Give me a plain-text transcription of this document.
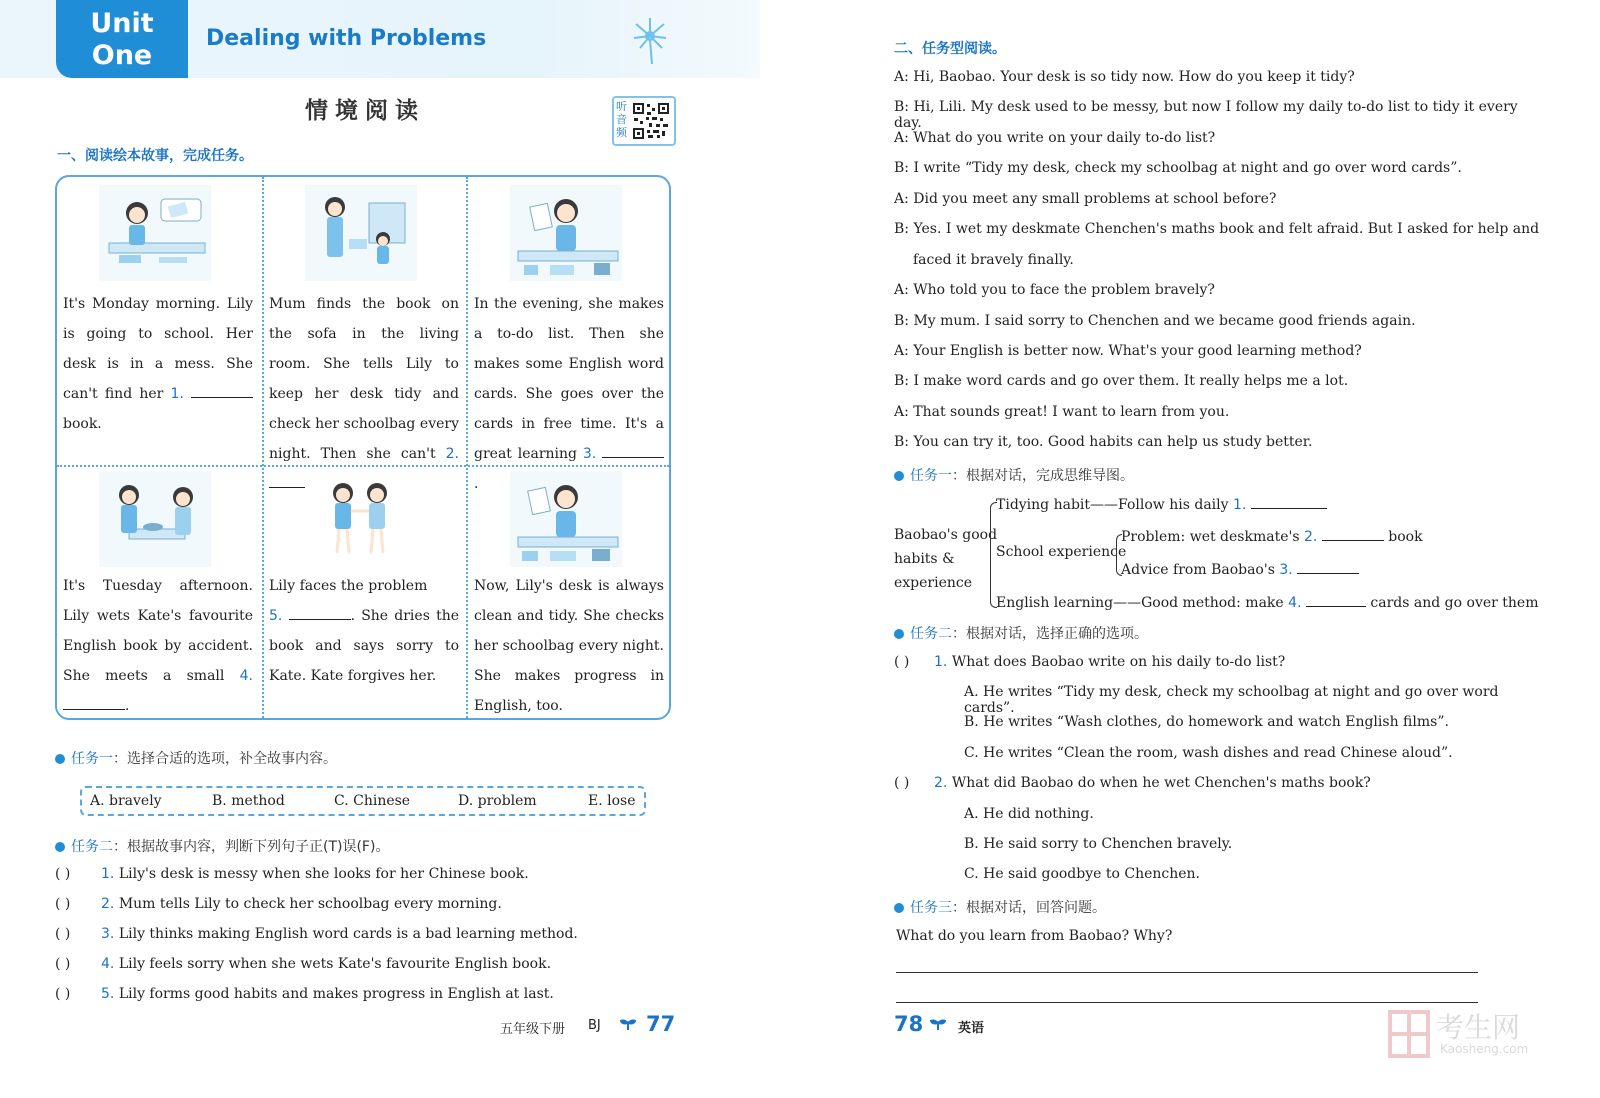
Unit
One
Dealing with Problems
情境阅读	听音频
一、阅读绘本故事，完成任务。
It's Monday morning. Lily is going to school. Her desk is in a mess. She can't find her 1.  book.
Mum finds the book on the sofa in the living room. She tells Lily to keep her desk tidy and check her schoolbag every night. Then she can't 2.
In the evening, she makes a to-do list. Then she makes some English word cards. She goes over the cards in free time. It's a great learning 3. .
It's Tuesday afternoon. Lily wets Kate's favourite English book by accident. She meets a small 4. .
Lily faces the problem
5.	. She dries the book and says sorry to Kate. Kate forgives her.
Now, Lily's desk is always clean and tidy. She checks her schoolbag every night. She makes progress in English, too.
任务一：选择合适的选项，补全故事内容。
A. bravely	B. method	C. Chinese	D. problem	E. lose
任务二：根据故事内容，判断下列句子正(T)误(F)。
( ) 1. Lily's desk is messy when she looks for her Chinese book.
( ) 2. Mum tells Lily to check her schoolbag every morning.
( ) 3. Lily thinks making English word cards is a bad learning method.
( ) 4. Lily feels sorry when she wets Kate's favourite English book.
( ) 5. Lily forms good habits and makes progress in English at last.
五年级下册 BJ 77
二、任务型阅读。
A: Hi, Baobao. Your desk is so tidy now. How do you keep it tidy?
B: Hi, Lili. My desk used to be messy, but now I follow my daily to-do list to tidy it every day.
A: What do you write on your daily to-do list?
B: I write “Tidy my desk, check my schoolbag at night and go over word cards”.
A: Did you meet any small problems at school before?
B: Yes. I wet my deskmate Chenchen's maths book and felt afraid. But I asked for help and
faced it bravely finally.
A: Who told you to face the problem bravely?
B: My mum. I said sorry to Chenchen and we became good friends again.
A: Your English is better now. What's your good learning method?
B: I make word cards and go over them. It really helps me a lot.
A: That sounds great! I want to learn from you.
B: You can try it, too. Good habits can help us study better.
任务一：根据对话，完成思维导图。
Baobao's good
habits &
experience
Tidying habit——Follow his daily 1.
School experience
Problem: wet deskmate's 2.	book
Advice from Baobao's 3.
English learning——Good method: make 4.	cards and go over them
任务二：根据对话，选择正确的选项。
( ) 1. What does Baobao write on his daily to-do list?
A. He writes “Tidy my desk, check my schoolbag at night and go over word cards”.
B. He writes “Wash clothes, do homework and watch English films”.
C. He writes “Clean the room, wash dishes and read Chinese aloud”.
( ) 2. What did Baobao do when he wet Chenchen's maths book?
A. He did nothing.
B. He said sorry to Chenchen bravely.
C. He said goodbye to Chenchen.
任务三：根据对话，回答问题。
What do you learn from Baobao? Why?
78	英语	考生网
Kaosheng.com
